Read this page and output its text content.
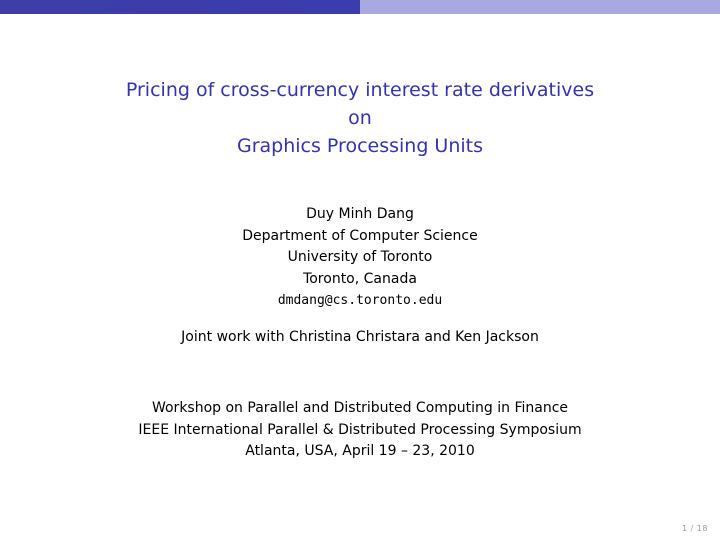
Pricing of cross-currency interest rate derivatives
on
Graphics Processing Units
Duy Minh Dang
Department of Computer Science
University of Toronto
Toronto, Canada
dmdang@cs.toronto.edu
Joint work with Christina Christara and Ken Jackson
Workshop on Parallel and Distributed Computing in Finance
IEEE International Parallel & Distributed Processing Symposium
Atlanta, USA, April 19 – 23, 2010
1 / 18
